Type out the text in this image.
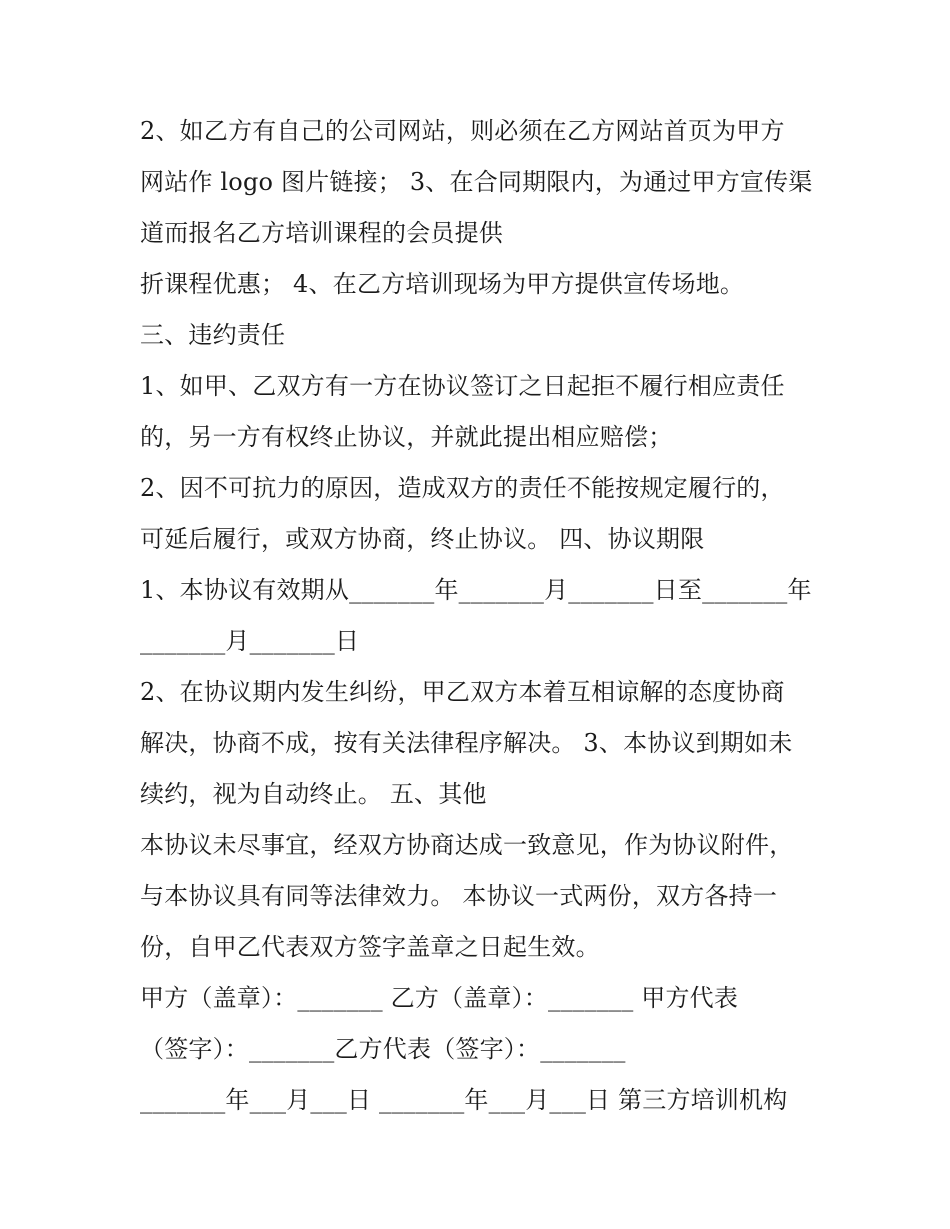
2、如乙方有自己的公司网站，则必须在乙方网站首页为甲方
网站作 logo 图片链接； 3、在合同期限内，为通过甲方宣传渠
道而报名乙方培训课程的会员提供
折课程优惠； 4、在乙方培训现场为甲方提供宣传场地。
三、违约责任
1、如甲、乙双方有一方在协议签订之日起拒不履行相应责任
的，另一方有权终止协议，并就此提出相应赔偿；
2、因不可抗力的原因，造成双方的责任不能按规定履行的，
可延后履行，或双方协商，终止协议。 四、协议期限
1、本协议有效期从_______年_______月_______日至_______年
_______月_______日
2、在协议期内发生纠纷，甲乙双方本着互相谅解的态度协商
解决，协商不成，按有关法律程序解决。 3、本协议到期如未
续约，视为自动终止。 五、其他
本协议未尽事宜，经双方协商达成一致意见，作为协议附件，
与本协议具有同等法律效力。 本协议一式两份，双方各持一
份，自甲乙代表双方签字盖章之日起生效。
甲方（盖章）：_______ 乙方（盖章）：_______ 甲方代表
（签字）：_______乙方代表（签字）：_______
_______年___月___日 _______年___月___日 第三方培训机构
